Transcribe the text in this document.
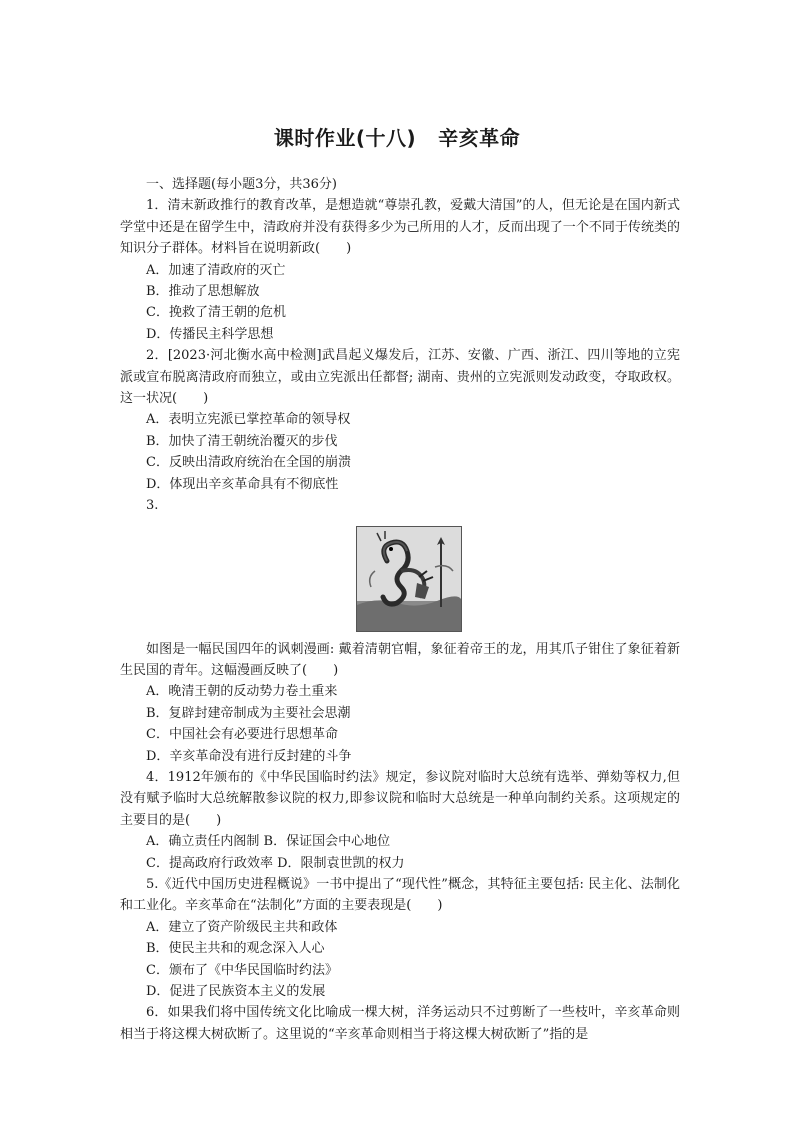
课时作业(十八) 辛亥革命

一、选择题(每小题3分，共36分)

1．清末新政推行的教育改革，是想造就“尊崇孔教，爱戴大清国”的人，但无论是在国内新式学堂中还是在留学生中，清政府并没有获得多少为己所用的人才，反而出现了一个不同于传统类的知识分子群体。材料旨在说明新政(　　)

A．加速了清政府的灭亡

B．推动了思想解放

C．挽救了清王朝的危机

D．传播民主科学思想

2．[2023·河北衡水高中检测]武昌起义爆发后，江苏、安徽、广西、浙江、四川等地的立宪派或宣布脱离清政府而独立，或由立宪派出任都督; 湖南、贵州的立宪派则发动政变，夺取政权。这一状况(　　)

A．表明立宪派已掌控革命的领导权

B．加快了清王朝统治覆灭的步伐

C．反映出清政府统治在全国的崩溃

D．体现出辛亥革命具有不彻底性

3.

如图是一幅民国四年的讽刺漫画: 戴着清朝官帽，象征着帝王的龙，用其爪子钳住了象征着新生民国的青年。这幅漫画反映了(　　)

A．晚清王朝的反动势力卷土重来

B．复辟封建帝制成为主要社会思潮

C．中国社会有必要进行思想革命

D．辛亥革命没有进行反封建的斗争

4．1912年颁布的《中华民国临时约法》规定，参议院对临时大总统有选举、弹劾等权力,但没有赋予临时大总统解散参议院的权力,即参议院和临时大总统是一种单向制约关系。这项规定的主要目的是(　　)

A．确立责任内阁制 B．保证国会中心地位

C．提高政府行政效率 D．限制袁世凯的权力

5.《近代中国历史进程概说》一书中提出了“现代性”概念，其特征主要包括: 民主化、法制化和工业化。辛亥革命在“法制化”方面的主要表现是(　　)

A．建立了资产阶级民主共和政体

B．使民主共和的观念深入人心

C．颁布了《中华民国临时约法》

D．促进了民族资本主义的发展

6．如果我们将中国传统文化比喻成一棵大树，洋务运动只不过剪断了一些枝叶，辛亥革命则相当于将这棵大树砍断了。这里说的“辛亥革命则相当于将这棵大树砍断了”指的是
